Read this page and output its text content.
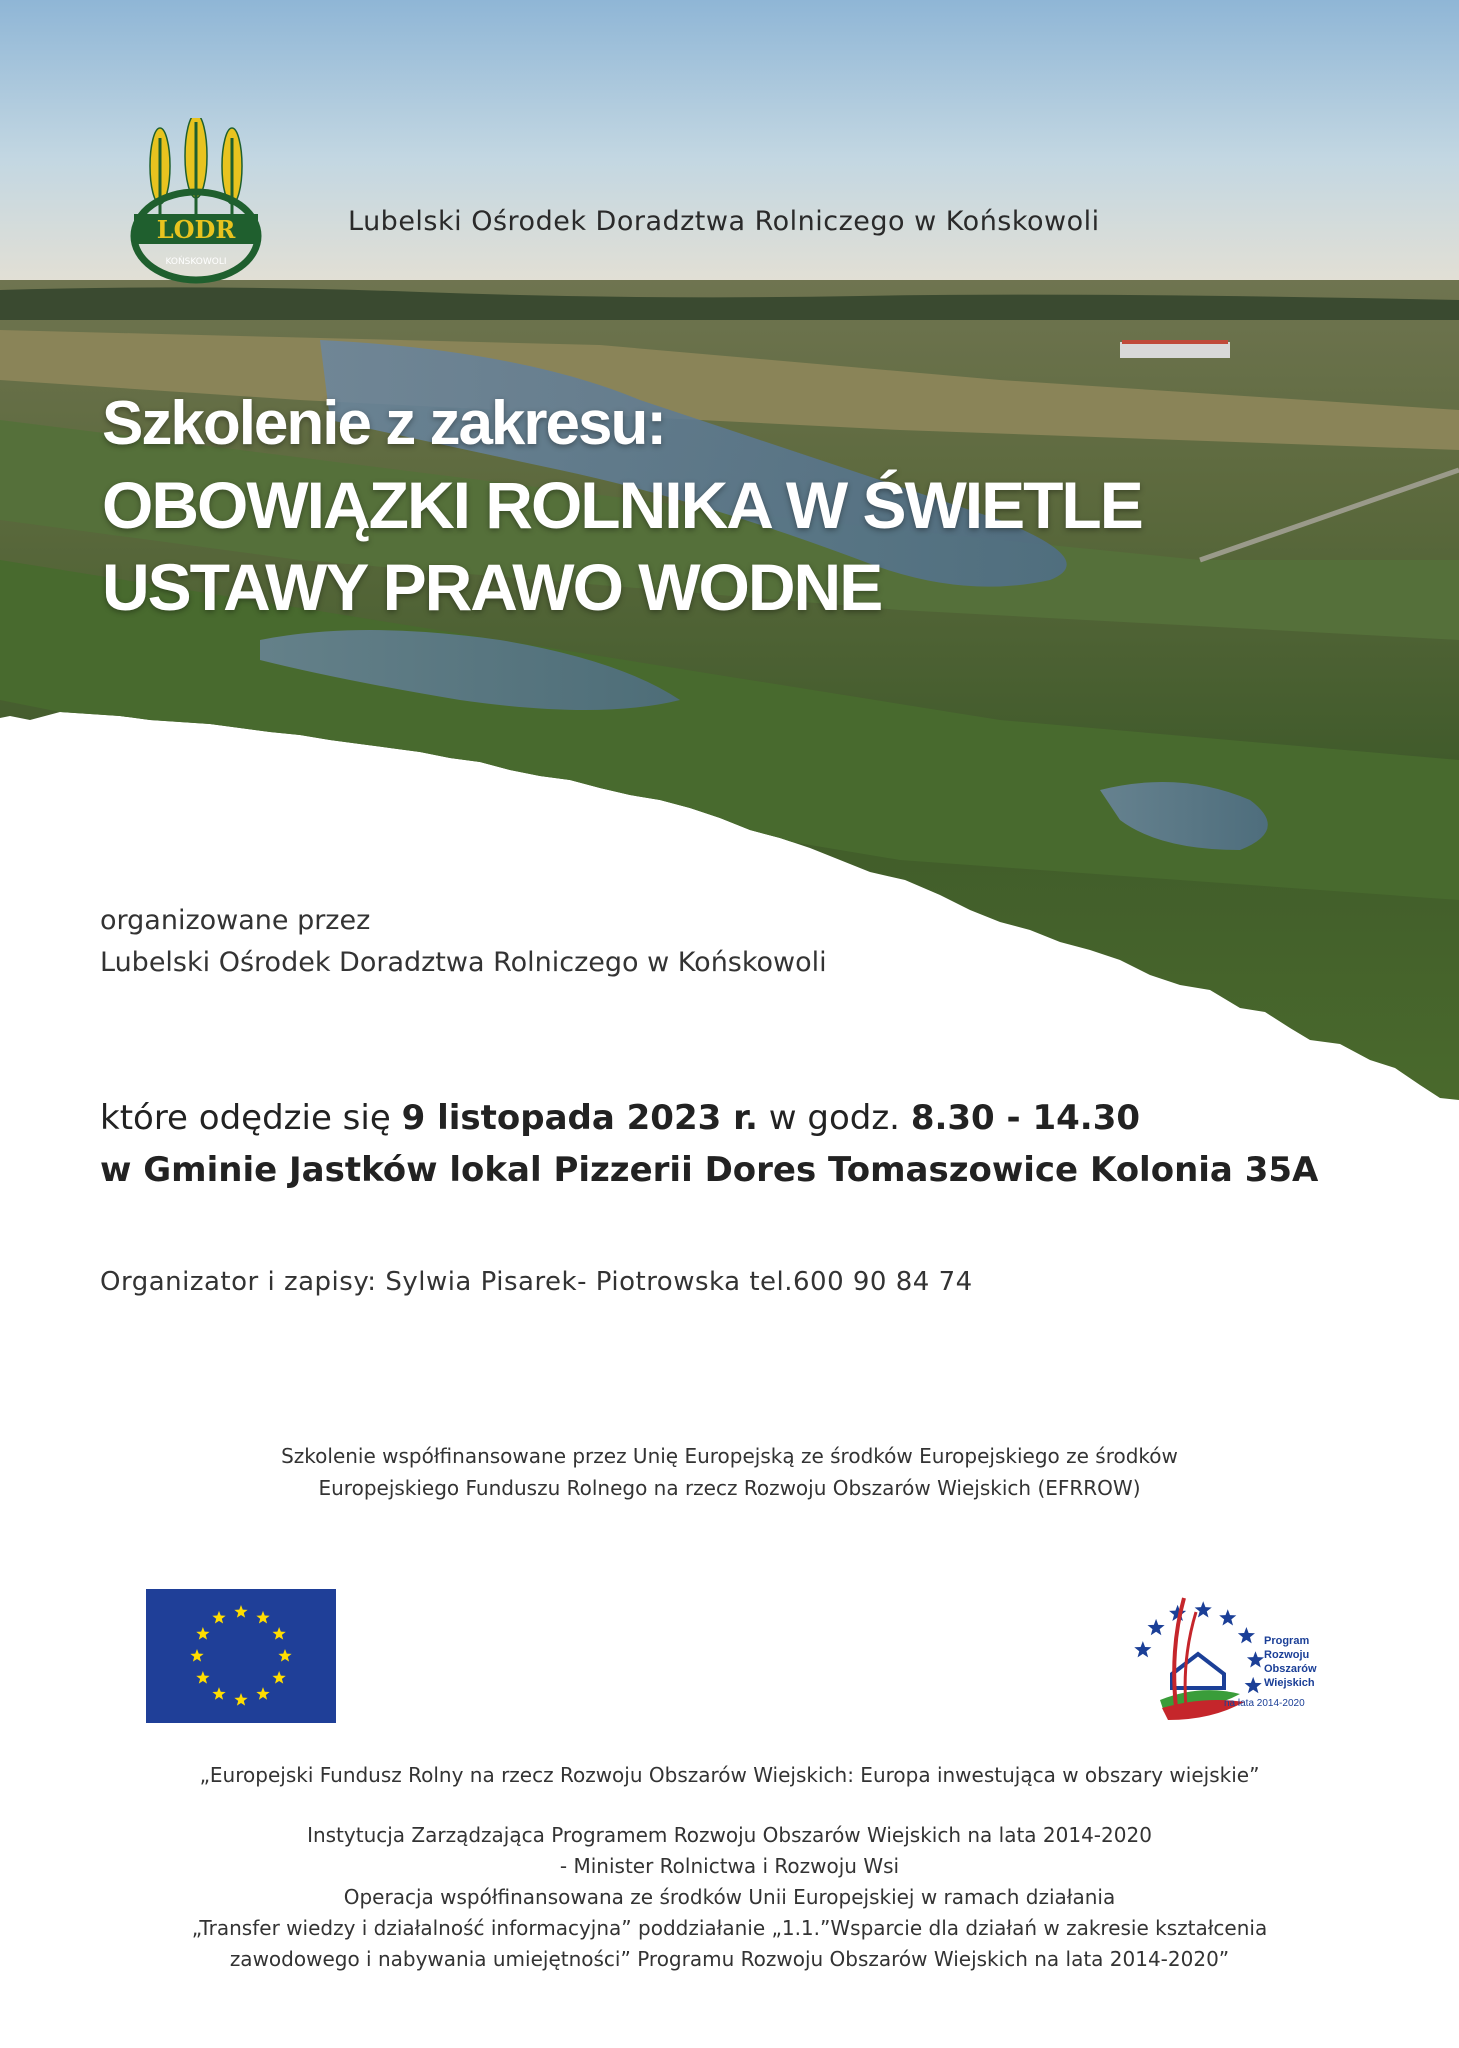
LODR
KOŃSKOWOLI
Lubelski Ośrodek Doradztwa Rolniczego w Końskowoli
Szkolenie z zakresu:
OBOWIĄZKI ROLNIKA W ŚWIETLE
USTAWY PRAWO WODNE
organizowane przez
Lubelski Ośrodek Doradztwa Rolniczego w Końskowoli
które odędzie się 9 listopada 2023 r. w godz. 8.30 - 14.30
w Gminie Jastków lokal Pizzerii Dores Tomaszowice Kolonia 35A
Organizator i zapisy: Sylwia Pisarek- Piotrowska tel.600 90 84 74
Szkolenie współfinansowane przez Unię Europejską ze środków Europejskiego ze środków
Europejskiego Funduszu Rolnego na rzecz Rozwoju Obszarów Wiejskich (EFRROW)
Program
Rozwoju
Obszarów
Wiejskich
na lata 2014-2020
„Europejski Fundusz Rolny na rzecz Rozwoju Obszarów Wiejskich: Europa inwestująca w obszary wiejskie”
Instytucja Zarządzająca Programem Rozwoju Obszarów Wiejskich na lata 2014-2020
- Minister Rolnictwa i Rozwoju Wsi
Operacja współfinansowana ze środków Unii Europejskiej w ramach działania
„Transfer wiedzy i działalność informacyjna” poddziałanie „1.1.”Wsparcie dla działań w zakresie kształcenia
zawodowego i nabywania umiejętności” Programu Rozwoju Obszarów Wiejskich na lata 2014-2020”
